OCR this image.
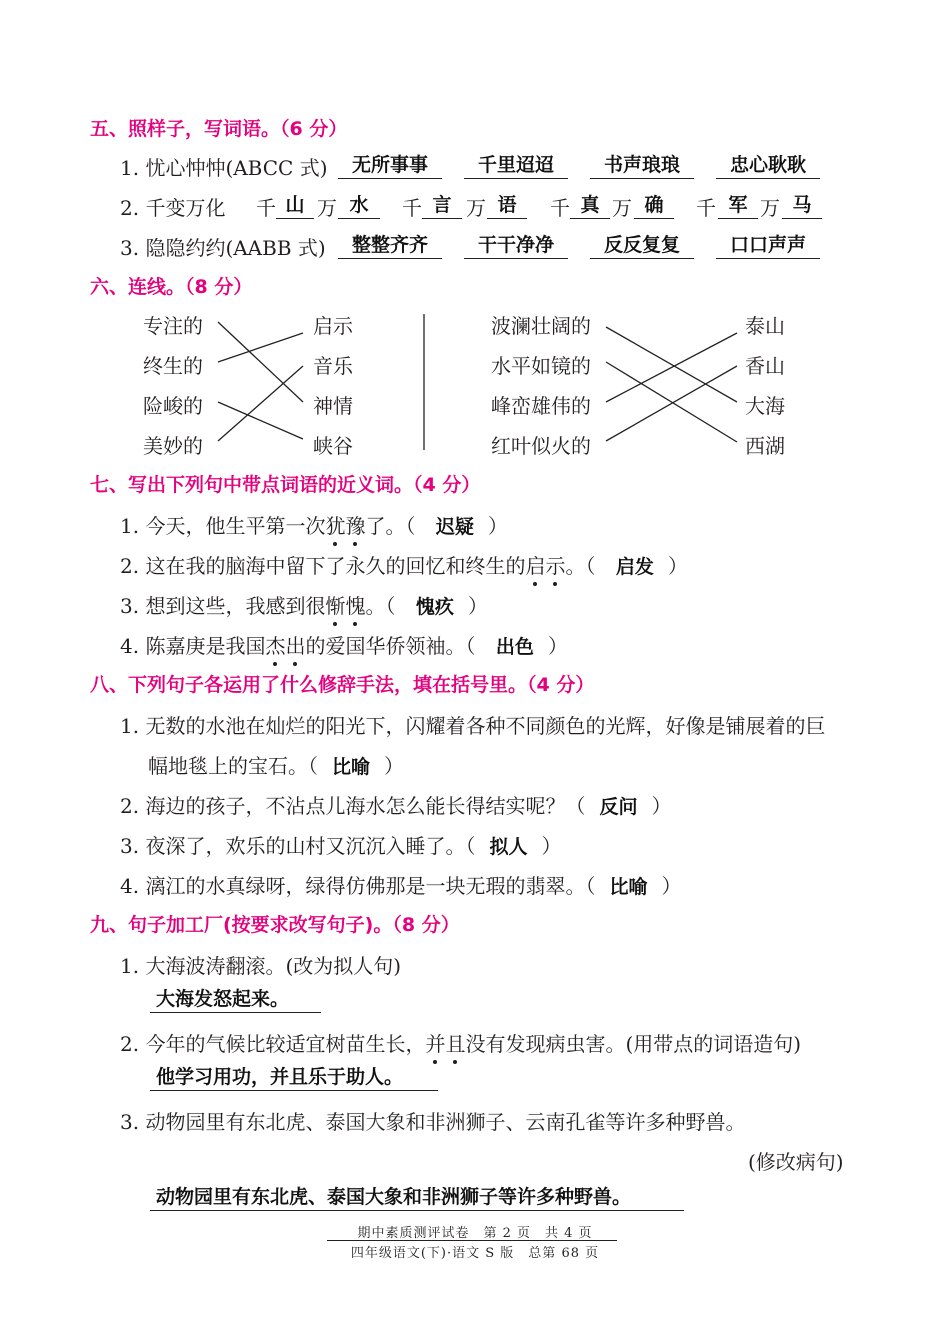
五、照样子，写词语。（6 分）
1. 忧心忡忡(ABCC 式)	无所事事	千里迢迢	书声琅琅	忠心耿耿
2. 千变万化 千 山 万 水	千 言 万 语	千 真 万 确	千 军 万 马
3. 隐隐约约(AABB 式)	整整齐齐	干干净净	反反复复	口口声声
六、连线。（8 分）
专注的
终生的
险峻的
美妙的
启示
音乐
神情
峡谷
波澜壮阔的
水平如镜的
峰峦雄伟的
红叶似火的
泰山
香山
大海
西湖
七、写出下列句中带点词语的近义词。（4 分）
1. 今天，他生平第一次犹豫了。（ 迟疑 ）
2. 这在我的脑海中留下了永久的回忆和终生的启示。（ 启发 ）
3. 想到这些，我感到很惭愧。（ 愧疚 ）
4. 陈嘉庚是我国杰出的爱国华侨领袖。（ 出色 ）
八、下列句子各运用了什么修辞手法，填在括号里。（4 分）
1. 无数的水池在灿烂的阳光下，闪耀着各种不同颜色的光辉，好像是铺展着的巨
幅地毯上的宝石。（ 比喻 ）
2. 海边的孩子，不沾点儿海水怎么能长得结实呢？（ 反问 ）
3. 夜深了，欢乐的山村又沉沉入睡了。（ 拟人 ）
4. 漓江的水真绿呀，绿得仿佛那是一块无瑕的翡翠。（ 比喻 ）
九、句子加工厂(按要求改写句子)。（8 分）
1. 大海波涛翻滚。(改为拟人句)
大海发怒起来。
2. 今年的气候比较适宜树苗生长，并且没有发现病虫害。(用带点的词语造句)
他学习用功，并且乐于助人。
3. 动物园里有东北虎、泰国大象和非洲狮子、云南孔雀等许多种野兽。
(修改病句)
动物园里有东北虎、泰国大象和非洲狮子等许多种野兽。
期中素质测评试卷　第 2 页　共 4 页
四年级语文(下)·语文 S 版　总第 68 页
